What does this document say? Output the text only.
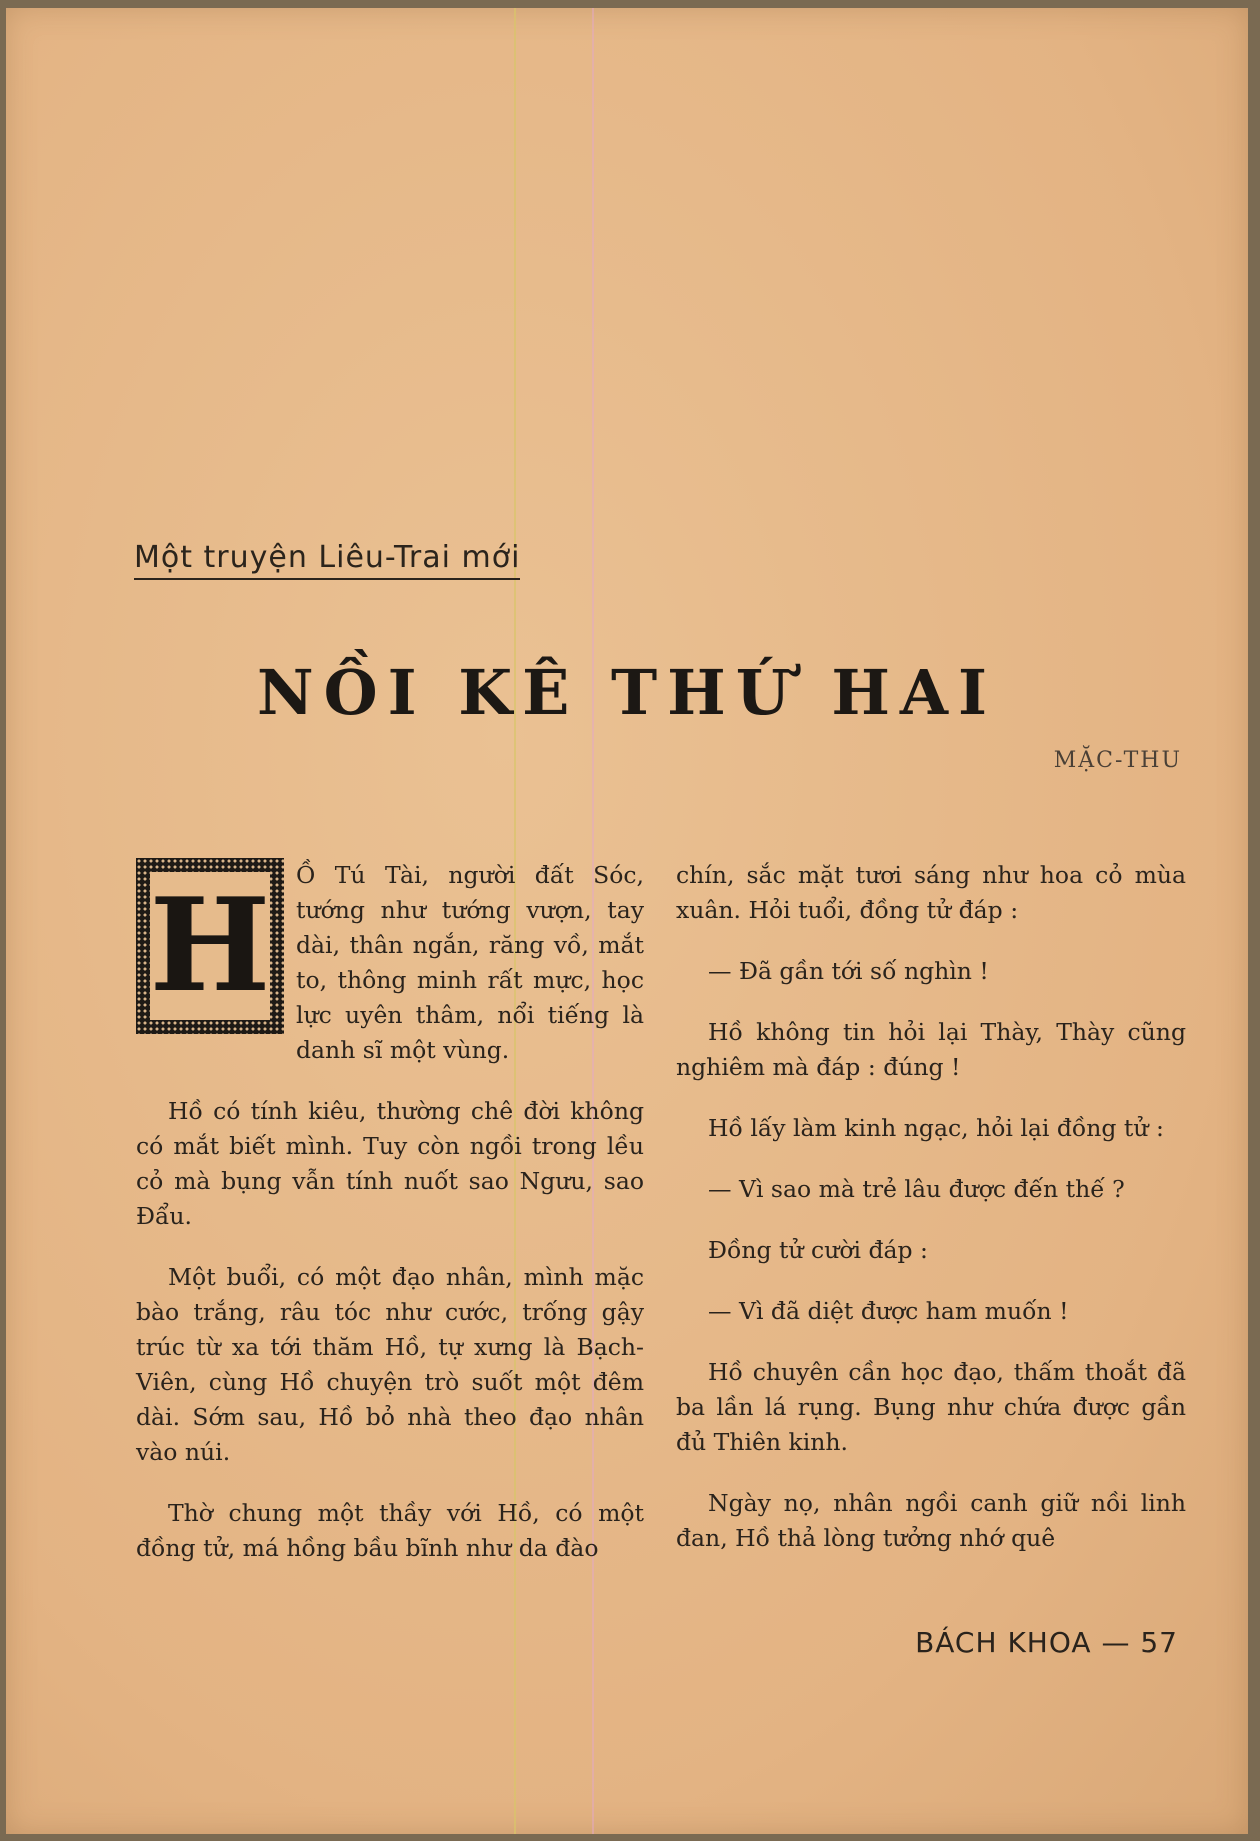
Một truyện Liêu-Trai mới
NỒI KÊ THỨ HAI
MẶC-THU

H Ồ Tú Tài, người đất Sóc, tướng như tướng vượn, tay dài, thân ngắn, răng vồ, mắt to, thông minh rất mực, học lực uyên thâm, nổi tiếng là danh sĩ một vùng.

Hồ có tính kiêu, thường chê đời không có mắt biết mình. Tuy còn ngồi trong lều cỏ mà bụng vẫn tính nuốt sao Ngưu, sao Đẩu.

Một buổi, có một đạo nhân, mình mặc bào trắng, râu tóc như cước, trống gậy trúc từ xa tới thăm Hồ, tự xưng là Bạch-Viên, cùng Hồ chuyện trò suốt một đêm dài. Sớm sau, Hồ bỏ nhà theo đạo nhân vào núi.

Thờ chung một thầy với Hồ, có một đồng tử, má hồng bầu bĩnh như da đào

chín, sắc mặt tươi sáng như hoa cỏ mùa xuân. Hỏi tuổi, đồng tử đáp :

— Đã gần tới số nghìn !

Hồ không tin hỏi lại Thày, Thày cũng nghiêm mà đáp : đúng !

Hồ lấy làm kinh ngạc, hỏi lại đồng tử :

— Vì sao mà trẻ lâu được đến thế ?

Đồng tử cười đáp :

— Vì đã diệt được ham muốn !

Hồ chuyên cần học đạo, thấm thoắt đã ba lần lá rụng. Bụng như chứa được gần đủ Thiên kinh.

Ngày nọ, nhân ngồi canh giữ nồi linh đan, Hồ thả lòng tưởng nhớ quê

BÁCH KHOA — 57
